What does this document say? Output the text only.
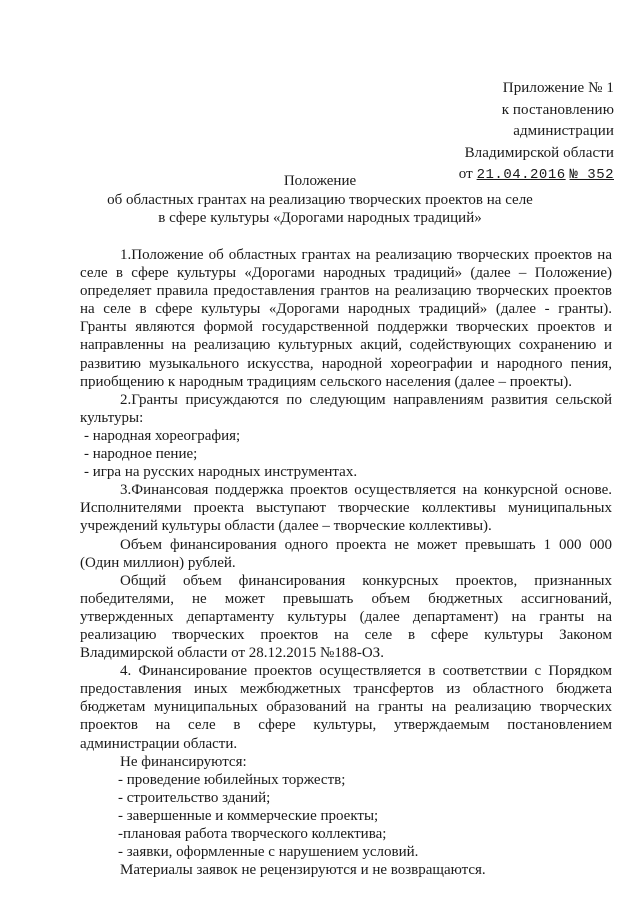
Приложение № 1
к постановлению
администрации
Владимирской области
от 21.04.2016 № 352
Положение
об областных грантах на реализацию творческих проектов на селе
в сфере культуры «Дорогами народных традиций»

1.Положение об областных грантах на реализацию творческих проектов на селе в сфере культуры «Дорогами народных традиций» (далее – Положение) определяет правила предоставления грантов на реализацию творческих проектов на селе в сфере культуры «Дорогами народных традиций» (далее - гранты). Гранты являются формой государственной поддержки творческих проектов и направленны на реализацию культурных акций, содействующих сохранению и развитию музыкального искусства, народной хореографии и народного пения, приобщению к народным традициям сельского населения (далее – проекты).

2.Гранты присуждаются по следующим направлениям развития сельской культуры:

- народная хореография;

- народное пение;

- игра на русских народных инструментах.

3.Финансовая поддержка проектов осуществляется на конкурсной основе. Исполнителями проекта выступают творческие коллективы муниципальных учреждений культуры области (далее – творческие коллективы).

Объем финансирования одного проекта не может превышать 1 000 000 (Один миллион) рублей.

Общий объем финансирования конкурсных проектов, признанных победителями, не может превышать объем бюджетных ассигнований, утвержденных департаменту культуры (далее департамент) на гранты на реализацию творческих проектов на селе в сфере культуры Законом Владимирской области от 28.12.2015 №188-ОЗ.

4. Финансирование проектов осуществляется в соответствии с Порядком предоставления иных межбюджетных трансфертов из областного бюджета бюджетам муниципальных образований на гранты на реализацию творческих проектов на селе в сфере культуры, утверждаемым постановлением администрации области.

Не финансируются:

- проведение юбилейных торжеств;

- строительство зданий;

- завершенные и коммерческие проекты;

-плановая работа творческого коллектива;

- заявки, оформленные с нарушением условий.

Материалы заявок не рецензируются и не возвращаются.
